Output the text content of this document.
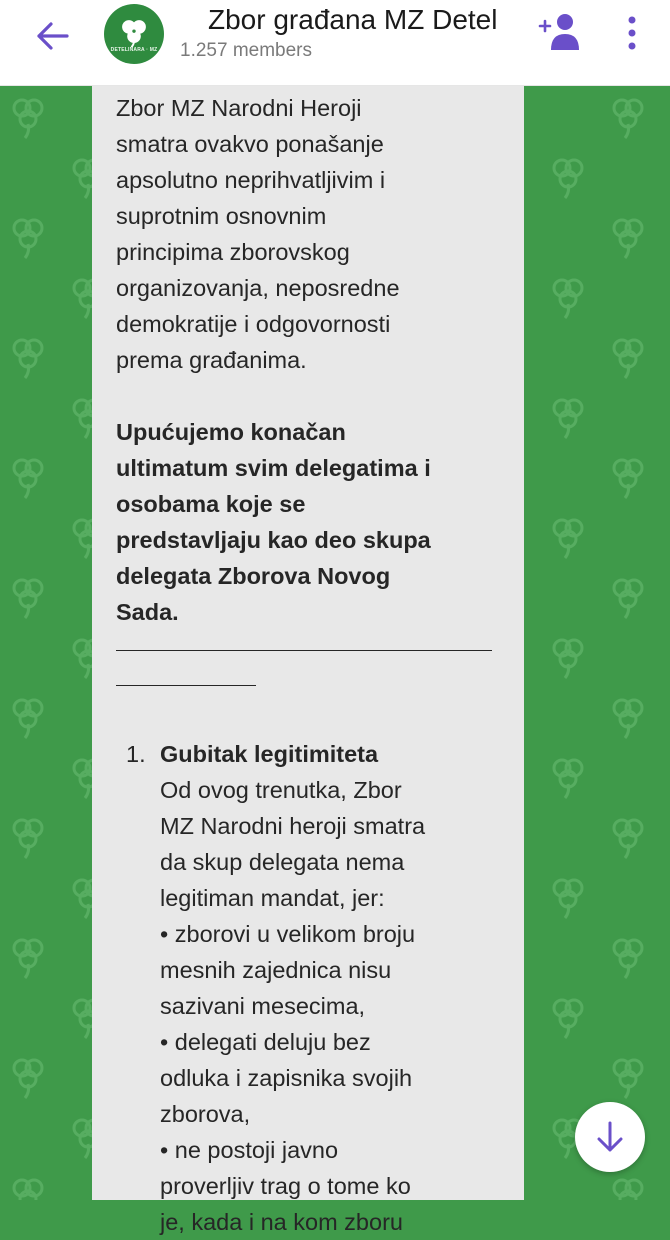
DETELINARA · MZ
Zbor građana MZ Detel
1.257 members
Zbor MZ Narodni Heroji
smatra ovakvo ponašanje
apsolutno neprihvatljivim i
suprotnim osnovnim
principima zborovskog
organizovanja, neposredne
demokratije i odgovornosti
prema građanima.
Upućujemo konačan
ultimatum svim delegatima i
osobama koje se
predstavljaju kao deo skupa
delegata Zborova Novog
Sada.
1. Gubitak legitimiteta
Od ovog trenutka, Zbor
MZ Narodni heroji smatra
da skup delegata nema
legitiman mandat, jer:
• zborovi u velikom broju
mesnih zajednica nisu
sazivani mesecima,
• delegati deluju bez
odluka i zapisnika svojih
zborova,
• ne postoji javno
proverljiv trag o tome ko
je, kada i na kom zboru
